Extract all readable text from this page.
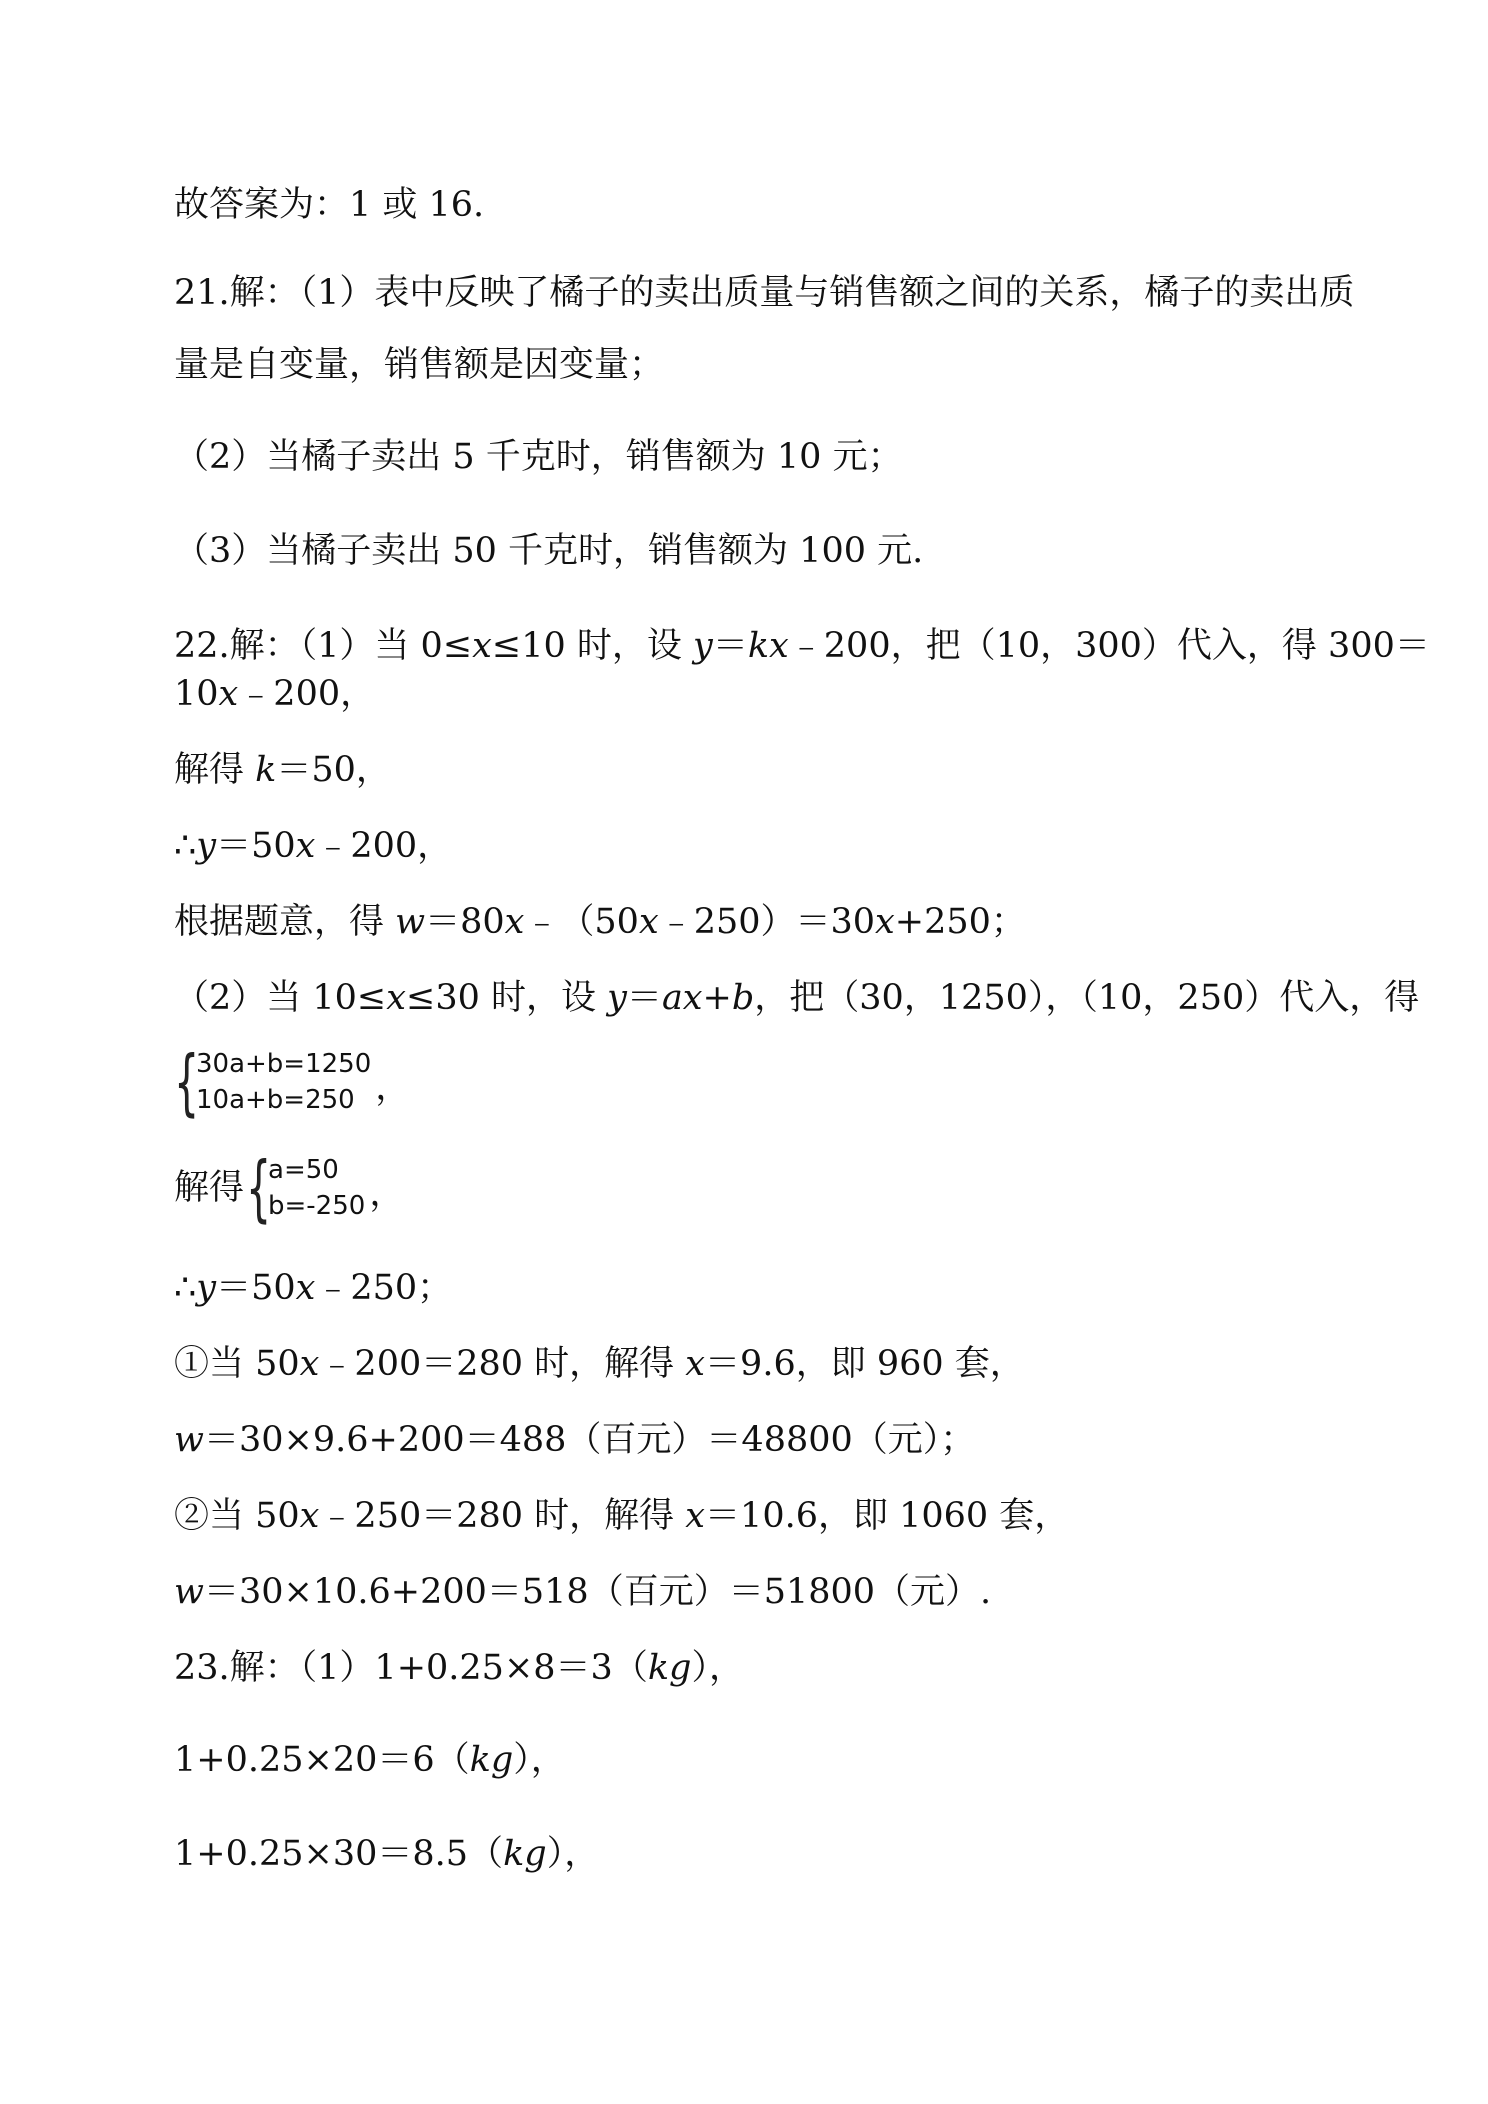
故答案为：1 或 16.

21.解：（1）表中反映了橘子的卖出质量与销售额之间的关系，橘子的卖出质

量是自变量，销售额是因变量；

（2）当橘子卖出 5 千克时，销售额为 10 元；

（3）当橘子卖出 50 千克时，销售额为 100 元.

22.解：（1）当 0≤x≤10 时，设 y＝kx﹣200，把（10，300）代入，得 300＝

10x﹣200，

解得 k＝50，

∴y＝50x﹣200，

根据题意，得 w＝80x﹣（50x﹣250）＝30x+250；

（2）当 10≤x≤30 时，设 y＝ax+b，把（30，1250），（10，250）代入，得

{
30a+b=1250
10a+b=250 ，
解得 {
a=50
b=-250 ，

∴y＝50x﹣250；

①当 50x﹣200＝280 时，解得 x＝9.6，即 960 套，

w＝30×9.6+200＝488（百元）＝48800（元）；

②当 50x﹣250＝280 时，解得 x＝10.6，即 1060 套，

w＝30×10.6+200＝518（百元）＝51800（元）.

23.解：（1）1+0.25×8＝3（kg），

1+0.25×20＝6（kg），

1+0.25×30＝8.5（kg），
